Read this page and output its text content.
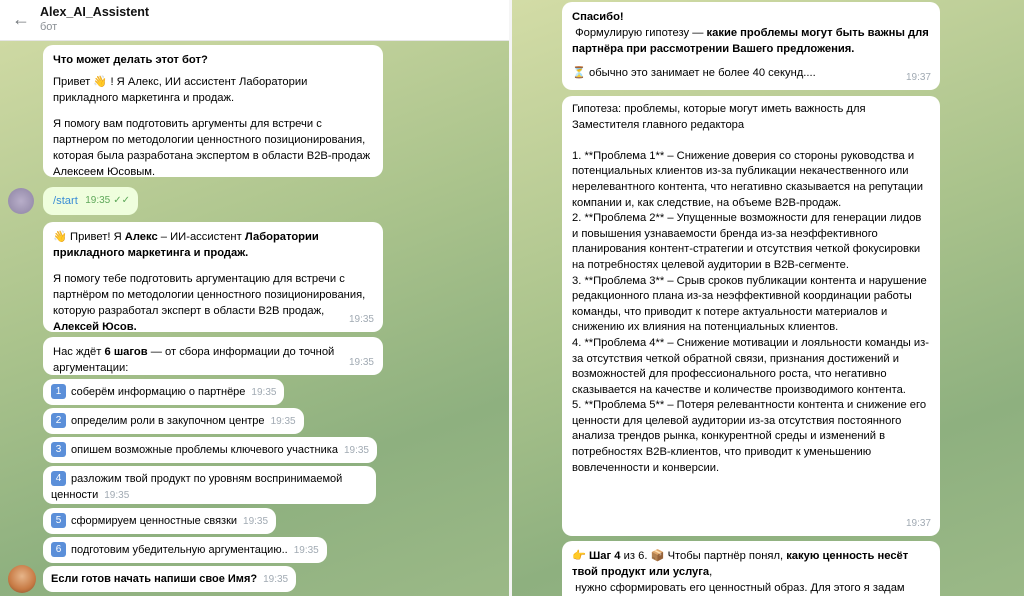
← Alex_AI_Assistent
бот

Что может делать этот бот?

Привет 👋 ! Я Алекс, ИИ ассистент Лаборатории прикладного маркетинга и продаж.

Я помогу вам подготовить аргументы для встречи с партнером по методологии ценностного позиционирования, которая была разработана экспертом в области B2B-продаж Алексеем Юсовым.

/start 19:35 ✓✓

👋 Привет! Я Алекс – ИИ-ассистент Лаборатории прикладного маркетинга и продаж.

Я помогу тебе подготовить аргументацию для встречи с партнёром по методологии ценностного позиционирования, которую разработал эксперт в области B2B продаж, Алексей Юсов.

19:35

Нас ждёт 6 шагов — от сбора информации до точной аргументации:	19:35
1 соберём информацию о партнёре 19:35
2 определим роли в закупочном центре 19:35
3 опишем возможные проблемы ключевого участника 19:35
4 разложим твой продукт по уровням воспринимаемой ценности 19:35
5 сформируем ценностные связки 19:35
6 подготовим убедительную аргументацию.. 19:35
Если готов начать напиши свое Имя? 19:35

Спасибо!

Формулирую гипотезу — какие проблемы могут быть важны для партнёра при рассмотрении Вашего предложения.

⏳ обычно это занимает не более 40 секунд....	19:37

Гипотеза: проблемы, которые могут иметь важность для Заместителя главного редактора

1. **Проблема 1** – Снижение доверия со стороны руководства и потенциальных клиентов из-за публикации некачественного или нерелевантного контента, что негативно сказывается на репутации компании и, как следствие, на объеме B2B-продаж.
2. **Проблема 2** – Упущенные возможности для генерации лидов и повышения узнаваемости бренда из-за неэффективного планирования контент-стратегии и отсутствия четкой фокусировки на потребностях целевой аудитории в B2B-сегменте.
3. **Проблема 3** – Срыв сроков публикации контента и нарушение редакционного плана из-за неэффективной координации работы команды, что приводит к потере актуальности материалов и снижению их влияния на потенциальных клиентов.
4. **Проблема 4** – Снижение мотивации и лояльности команды из-за отсутствия четкой обратной связи, признания достижений и возможностей для профессионального роста, что негативно сказывается на качестве и количестве производимого контента.
5. **Проблема 5** – Потеря релевантности контента и снижение его ценности для целевой аудитории из-за отсутствия постоянного анализа трендов рынка, конкурентной среды и изменений в потребностях B2B-клиентов, что приводит к уменьшению вовлеченности и конверсии.

19:37

👉 Шаг 4 из 6. 📦 Чтобы партнёр понял, какую ценность несёт твой продукт или услуга,

нужно сформировать его ценностный образ. Для этого я задам
